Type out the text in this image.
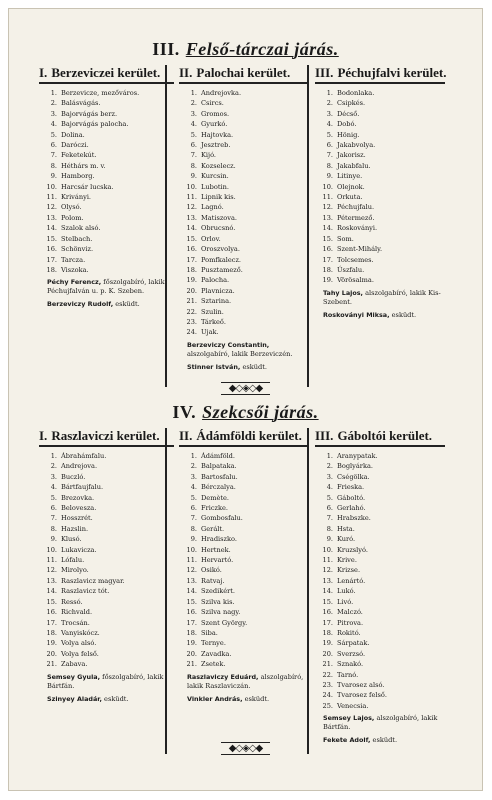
III. Felső-tárczai járás.
I. Berzeviczei kerület.
1. Berzevicze, mezőváros.
2. Balásvágás.
3. Bajorvágás berz.
4. Bajorvágás palocha.
5. Dolina.
6. Daróczi.
7. Feketekút.
8. Héthárs m. v.
9. Hamborg.
10. Harcsár lucska.
11. Kriványi.
12. Olysó.
13. Polom.
14. Szalok alsó.
15. Stelbach.
16. Schönviz.
17. Tarcza.
18. Viszoka.
Péchy Ferencz, főszolgabíró, lakik Péchujfalván u. p. K. Szeben.
Berzeviczy Rudolf, esküdt.
II. Palochai kerület.
1. Andrejovka.
2. Csircs.
3. Gromos.
4. Gyurkó.
5. Hajtovka.
6. Jesztreb.
7. Kijó.
8. Kozselecz.
9. Kurcsin.
10. Lubotin.
11. Lipnik kis.
12. Lagnó.
13. Matiszova.
14. Obrucsnó.
15. Orlov.
16. Oroszvolya.
17. Pomfkalecz.
18. Pusztamező.
19. Palocha.
20. Plavnicza.
21. Sztarina.
22. Szulin.
23. Tárkeő.
24. Ujak.
Berzeviczy Constantin, alszolgabíró, lakik Berzeviczén.
Stinner István, esküdt.
III. Péchujfalvi kerület.
1. Bodonlaka.
2. Csipkés.
3. Décső.
4. Dobó.
5. Hönig.
6. Jakabvolya.
7. Jakorisz.
8. Jakabfalu.
9. Litinye.
10. Olejnok.
11. Orkuta.
12. Péchujfalu.
13. Pétermező.
14. Roskoványi.
15. Som.
16. Szent-Mihály.
17. Tolcsemes.
18. Úszfalu.
19. Vörösalma.
Tahy Lajos, alszolgabíró, lakik Kis-Szebent.
Roskoványi Miksa, esküdt.
◆◇◈◇◆
IV. Szekcsői járás.
I. Raszlaviczi kerület.
1. Ábrahámfalu.
2. Andrejova.
3. Buczló.
4. Bártfaujfalu.
5. Brezovka.
6. Belovesza.
7. Hosszrét.
8. Hazslin.
9. Klusó.
10. Lukavicza.
11. Lófalu.
12. Mirolyo.
13. Raszlavicz magyar.
14. Raszlavicz tót.
15. Ressó.
16. Richvald.
17. Trocsán.
18. Vanyiskócz.
19. Volya alsó.
20. Volya felső.
21. Zabava.
Semsey Gyula, főszolgabíró, lakik Bártfán.
Szinyey Aladár, esküdt.
II. Ádámföldi kerület.
1. Ádámföld.
2. Balpataka.
3. Bartosfalu.
4. Bérczalya.
5. Demète.
6. Friczke.
7. Gombosfalu.
8. Gerált.
9. Hradiszko.
10. Hertnek.
11. Hervartó.
12. Osikó.
13. Ratvaj.
14. Szedikért.
15. Szilva kis.
16. Szilva nagy.
17. Szent György.
18. Siba.
19. Ternye.
20. Zavadka.
21. Zsetek.
Raszlaviczy Eduárd, alszolgabíró, lakik Raszlaviczán.
Vinkler András, esküdt.
III. Gáboltói kerület.
1. Aranypatak.
2. Boglyárka.
3. Cségölka.
4. Frieska.
5. Gáboltó.
6. Gerlahó.
7. Hrabszke.
8. Hsta.
9. Kuró.
10. Kruzslyó.
11. Krive.
12. Krizse.
13. Lenártó.
14. Lukó.
15. Livó.
16. Malczó.
17. Pitrova.
18. Rokitó.
19. Sárpatak.
20. Sverzsó.
21. Sznakó.
22. Tarnó.
23. Tvarosez alsó.
24. Tvarosez felső.
25. Venecsia.
Semsey Lajos, alszolgabíró, lakik Bártfán.
Fekete Adolf, esküdt.
◆◇◈◇◆
